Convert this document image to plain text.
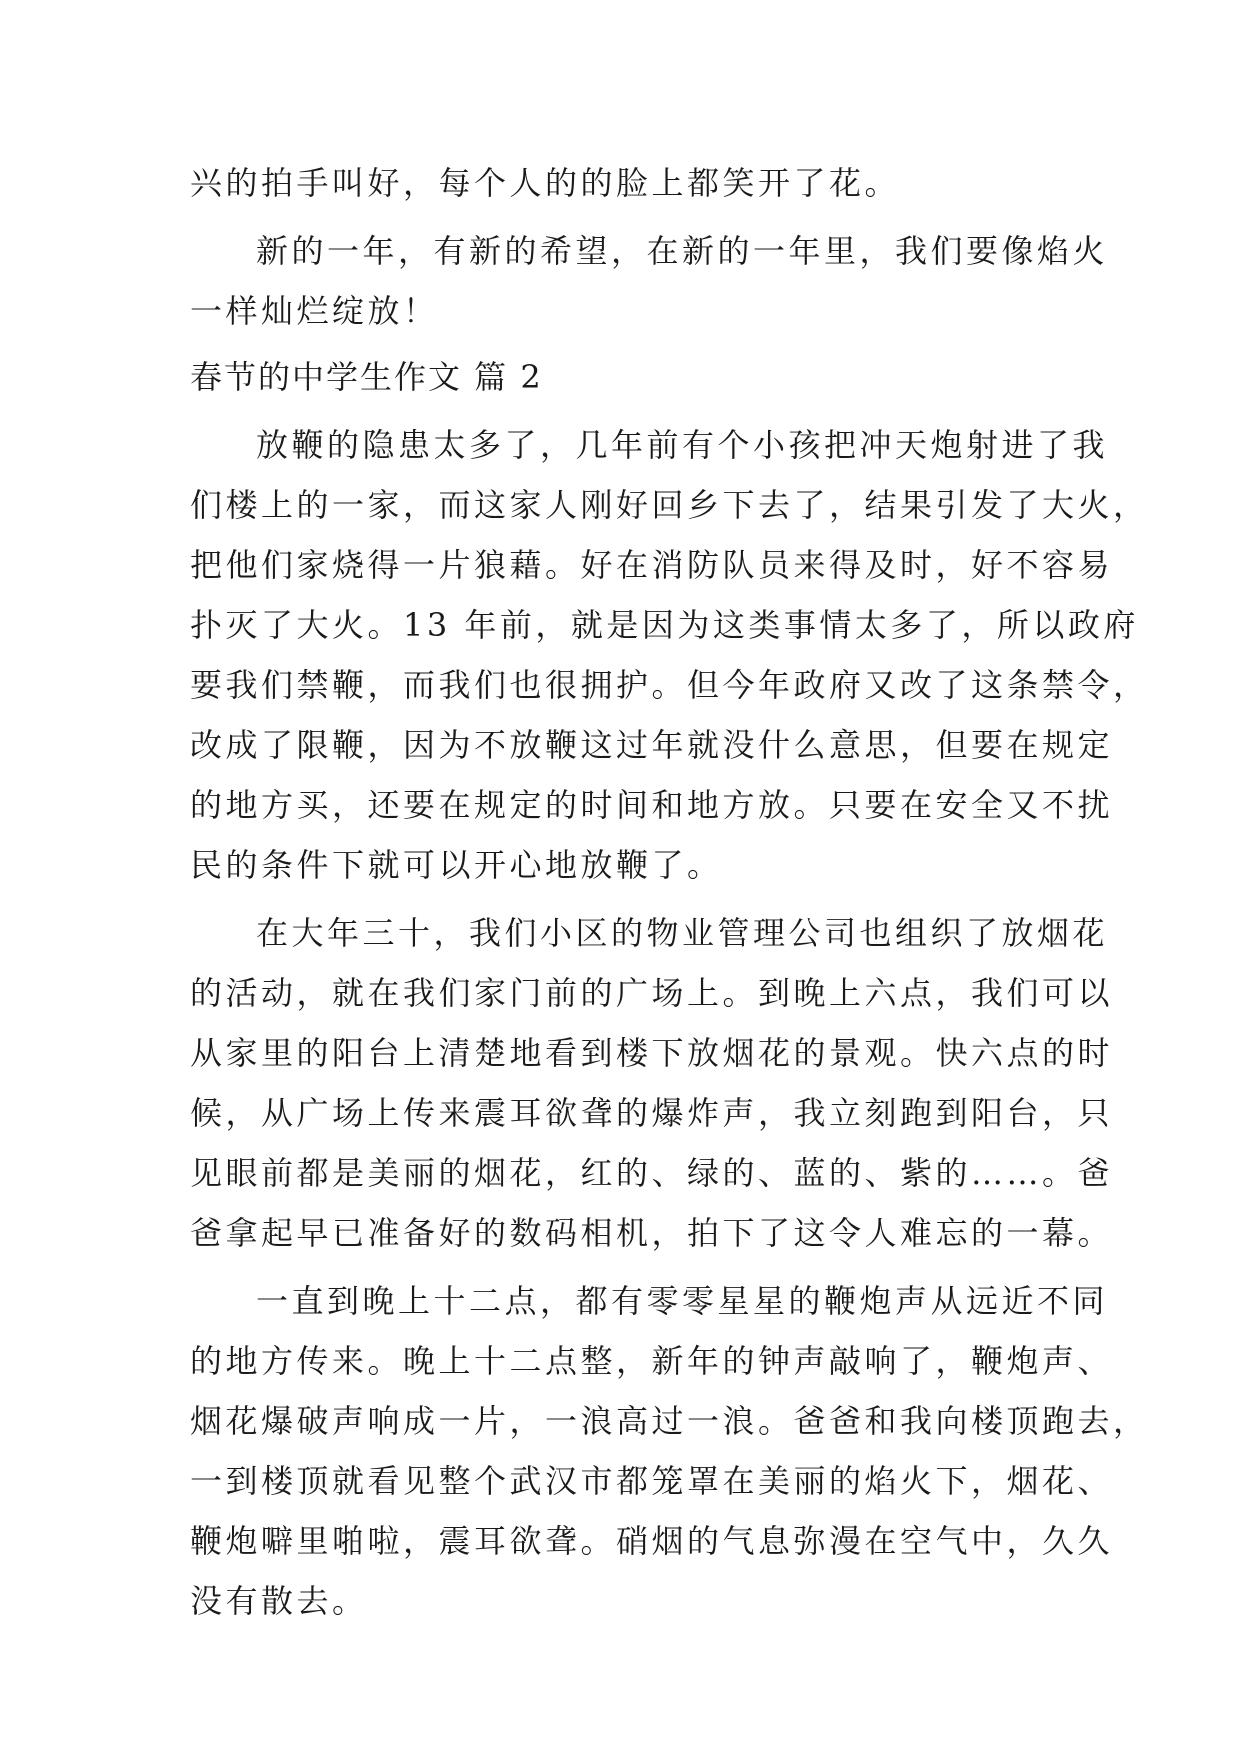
兴的拍手叫好，每个人的的脸上都笑开了花。
新的一年，有新的希望，在新的一年里，我们要像焰火
一样灿烂绽放！
春节的中学生作文 篇 2
放鞭的隐患太多了，几年前有个小孩把冲天炮射进了我
们楼上的一家，而这家人刚好回乡下去了，结果引发了大火，
把他们家烧得一片狼藉。好在消防队员来得及时，好不容易
扑灭了大火。13 年前，就是因为这类事情太多了，所以政府
要我们禁鞭，而我们也很拥护。但今年政府又改了这条禁令，
改成了限鞭，因为不放鞭这过年就没什么意思，但要在规定
的地方买，还要在规定的时间和地方放。只要在安全又不扰
民的条件下就可以开心地放鞭了。
在大年三十，我们小区的物业管理公司也组织了放烟花
的活动，就在我们家门前的广场上。到晚上六点，我们可以
从家里的阳台上清楚地看到楼下放烟花的景观。快六点的时
候，从广场上传来震耳欲聋的爆炸声，我立刻跑到阳台，只
见眼前都是美丽的烟花，红的、绿的、蓝的、紫的……。爸
爸拿起早已准备好的数码相机，拍下了这令人难忘的一幕。
一直到晚上十二点，都有零零星星的鞭炮声从远近不同
的地方传来。晚上十二点整，新年的钟声敲响了，鞭炮声、
烟花爆破声响成一片，一浪高过一浪。爸爸和我向楼顶跑去，
一到楼顶就看见整个武汉市都笼罩在美丽的焰火下，烟花、
鞭炮噼里啪啦，震耳欲聋。硝烟的气息弥漫在空气中，久久
没有散去。
